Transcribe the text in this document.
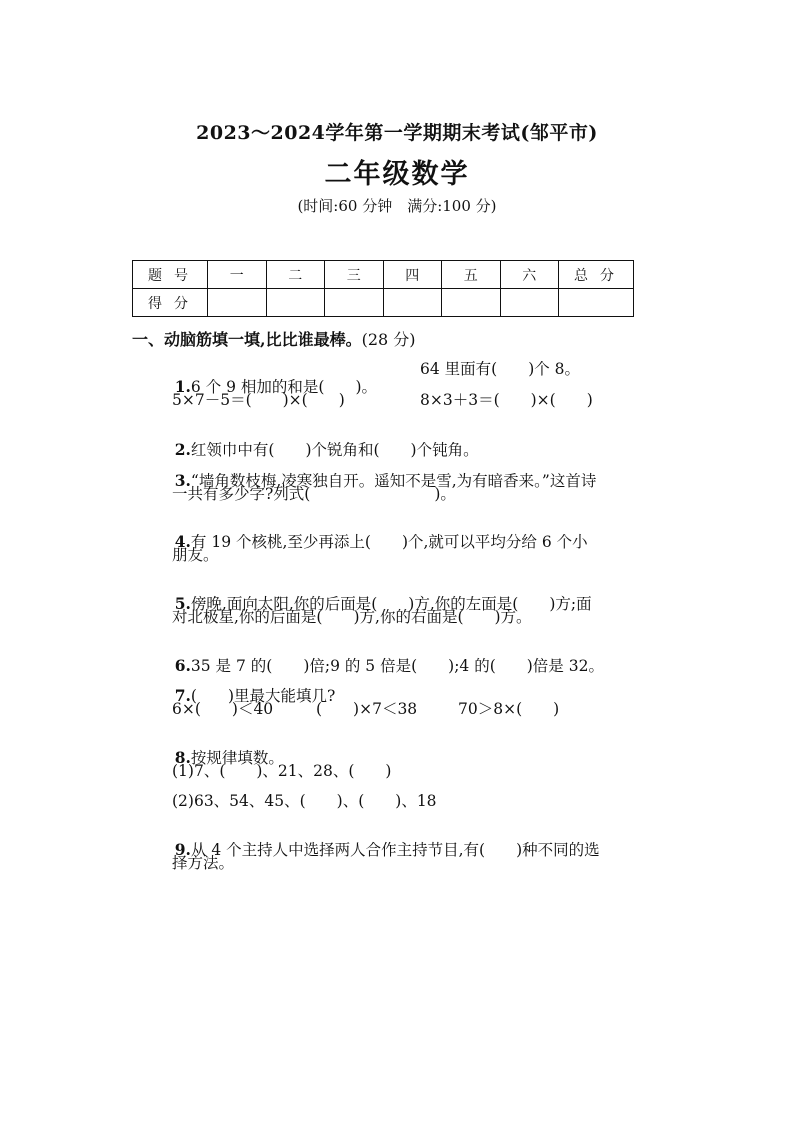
2023～2024学年第一学期期末考试(邹平市)
二年级数学
(时间:60 分钟　满分:100 分)
题号	一	二	三	四	五	六	总分
得分							
一、动脑筋填一填,比比谁最棒。(28 分)

1.6 个 9 相加的和是(　　)。

64 里面有(　　)个 8。
5×7－5＝(　　)×(　　)	8×3＋3＝(　　)×(　　)

2.红领巾中有(　　)个锐角和(　　)个钝角。

3.“墙角数枝梅,凌寒独自开。遥知不是雪,为有暗香来。”这首诗

一共有多少字?列式(　　　　　　　　)。

4.有 19 个核桃,至少再添上(　　)个,就可以平均分给 6 个小

朋友。

5.傍晚,面向太阳,你的后面是(　　)方,你的左面是(　　)方;面

对北极星,你的后面是(　　)方,你的右面是(　　)方。

6.35 是 7 的(　　)倍;9 的 5 倍是(　　);4 的(　　)倍是 32。

7.(　　)里最大能填几?

6×(　　)＜40	(　　)×7＜38	70＞8×(　　)

8.按规律填数。

(1)7、(　　)、21、28、(　　)
(2)63、54、45、(　　)、(　　)、18

9.从 4 个主持人中选择两人合作主持节目,有(　　)种不同的选

择方法。
